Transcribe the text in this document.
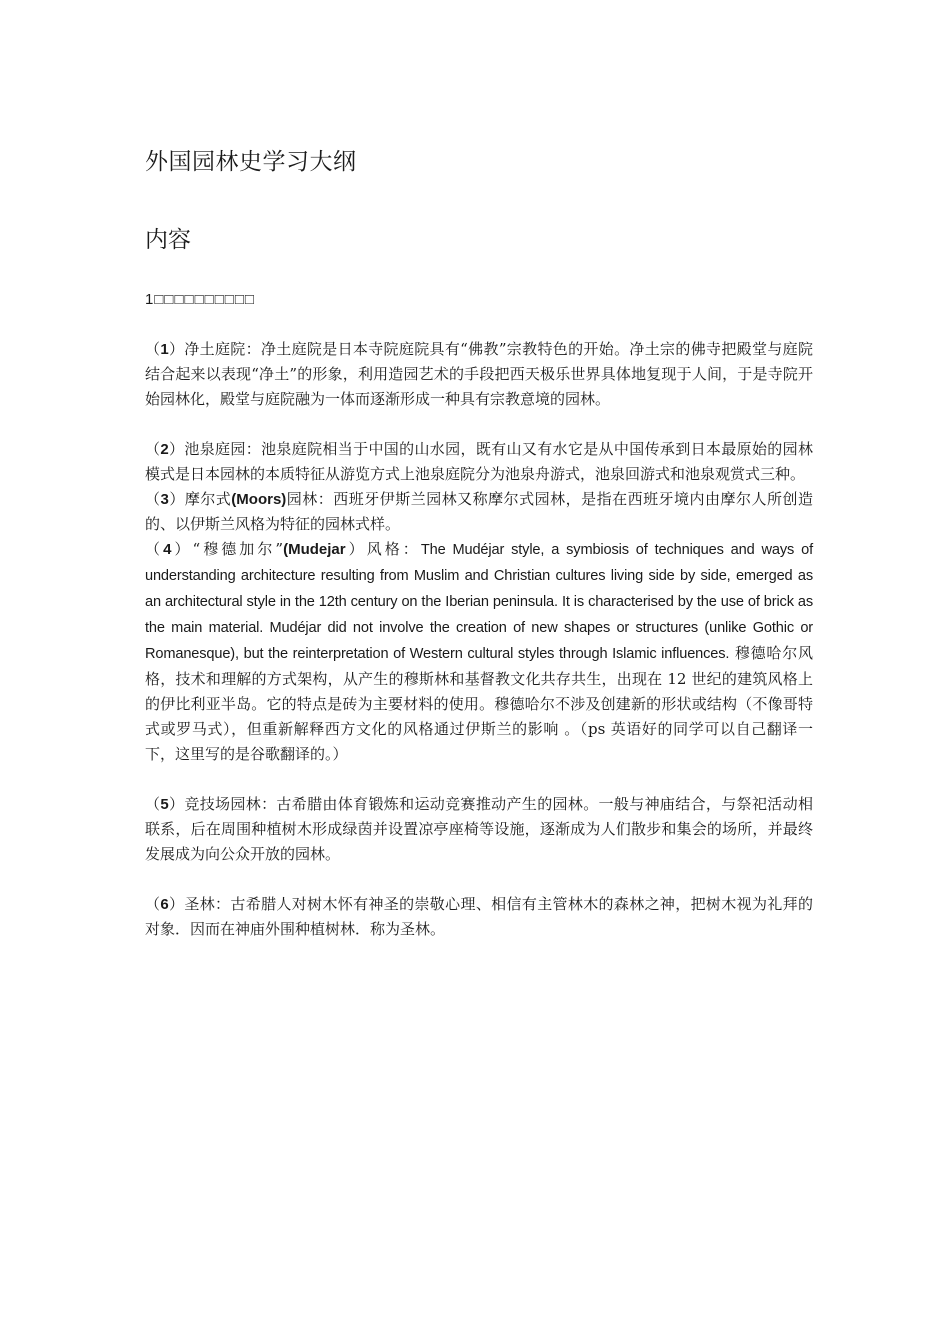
外国园林史学习大纲
内容
1□□□□□□□□□□

（1）净土庭院：净土庭院是日本寺院庭院具有“佛教”宗教特色的开始。净土宗的佛寺把殿堂与庭院结合起来以表现“净土”的形象，利用造园艺术的手段把西天极乐世界具体地复现于人间，于是寺院开始园林化，殿堂与庭院融为一体而逐渐形成一种具有宗教意境的园林。

（2）池泉庭园：池泉庭院相当于中国的山水园，既有山又有水它是从中国传承到日本最原始的园林模式是日本园林的本质特征从游览方式上池泉庭院分为池泉舟游式，池泉回游式和池泉观赏式三种。

（3）摩尔式(Moors)园林：西班牙伊斯兰园林又称摩尔式园林，是指在西班牙境内由摩尔人所创造的、以伊斯兰风格为特征的园林式样。

（4）“穆德加尔”(Mudejar）风格：The Mudéjar style, a symbiosis of techniques and ways of understanding architecture resulting from Muslim and Christian cultures living side by side, emerged as an architectural style in the 12th century on the Iberian peninsula. It is characterised by the use of brick as the main material. Mudéjar did not involve the creation of new shapes or structures (unlike Gothic or Romanesque), but the reinterpretation of Western cultural styles through Islamic influences. 穆德哈尔风格，技术和理解的方式架构，从产生的穆斯林和基督教文化共存共生，出现在 12 世纪的建筑风格上的伊比利亚半岛。它的特点是砖为主要材料的使用。穆德哈尔不涉及创建新的形状或结构（不像哥特式或罗马式），但重新解释西方文化的风格通过伊斯兰的影响 。（ps 英语好的同学可以自己翻译一下，这里写的是谷歌翻译的。）

（5）竞技场园林：古希腊由体育锻炼和运动竞赛推动产生的园林。一般与神庙结合，与祭祀活动相联系，后在周围种植树木形成绿茵并设置凉亭座椅等设施，逐渐成为人们散步和集会的场所，并最终发展成为向公众开放的园林。

（6）圣林：古希腊人对树木怀有神圣的崇敬心理、相信有主管林木的森林之神，把树木视为礼拜的对象．因而在神庙外围种植树林．称为圣林。
